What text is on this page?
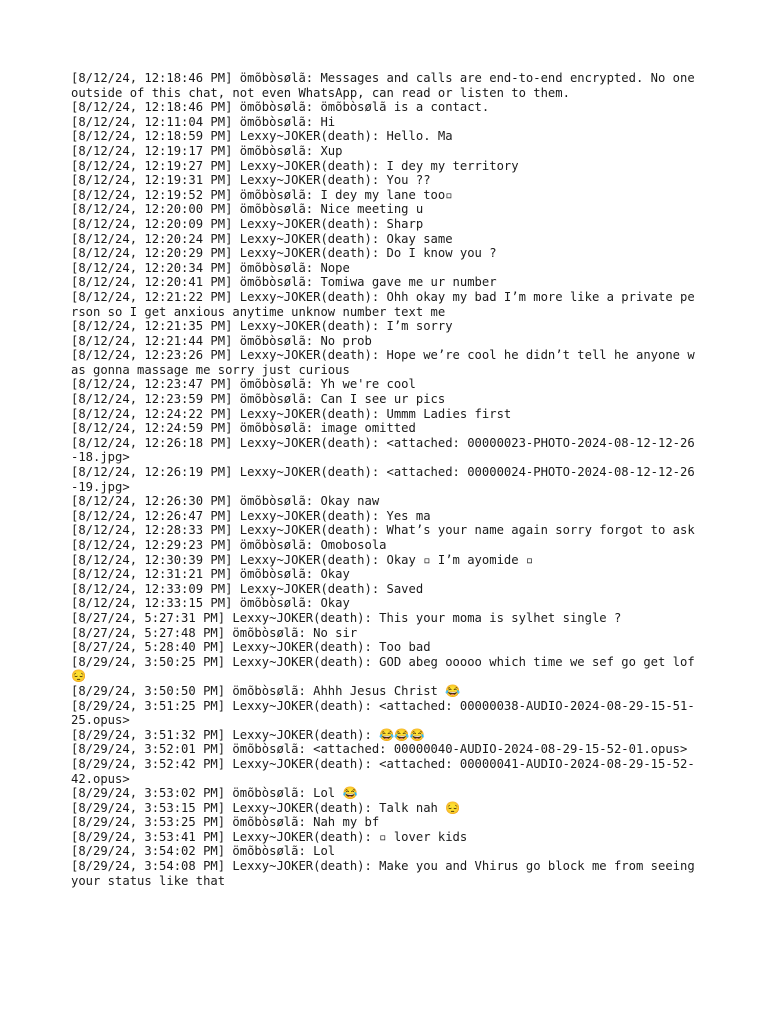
[8/12/24, 12:18:46 PM] ömõbòsølã: Messages and calls are end-to-end encrypted. No one outside of this chat, not even WhatsApp, can read or listen to them.

[8/12/24, 12:18:46 PM] ömõbòsølã: ömõbòsølã is a contact.

[8/12/24, 12:11:04 PM] ömõbòsølã: Hi

[8/12/24, 12:18:59 PM] Lexxy~JOKER(death): Hello. Ma

[8/12/24, 12:19:17 PM] ömõbòsølã: Xup

[8/12/24, 12:19:27 PM] Lexxy~JOKER(death): I dey my territory

[8/12/24, 12:19:31 PM] Lexxy~JOKER(death): You ??

[8/12/24, 12:19:52 PM] ömõbòsølã: I dey my lane too▫

[8/12/24, 12:20:00 PM] ömõbòsølã: Nice meeting u

[8/12/24, 12:20:09 PM] Lexxy~JOKER(death): Sharp

[8/12/24, 12:20:24 PM] Lexxy~JOKER(death): Okay same

[8/12/24, 12:20:29 PM] Lexxy~JOKER(death): Do I know you ?

[8/12/24, 12:20:34 PM] ömõbòsølã: Nope

[8/12/24, 12:20:41 PM] ömõbòsølã: Tomiwa gave me ur number

[8/12/24, 12:21:22 PM] Lexxy~JOKER(death): Ohh okay my bad I’m more like a private person so I get anxious anytime unknow number text me

[8/12/24, 12:21:35 PM] Lexxy~JOKER(death): I’m sorry

[8/12/24, 12:21:44 PM] ömõbòsølã: No prob

[8/12/24, 12:23:26 PM] Lexxy~JOKER(death): Hope we’re cool he didn’t tell he anyone was gonna massage me sorry just curious

[8/12/24, 12:23:47 PM] ömõbòsølã: Yh we're cool

[8/12/24, 12:23:59 PM] ömõbòsølã: Can I see ur pics

[8/12/24, 12:24:22 PM] Lexxy~JOKER(death): Ummm Ladies first

[8/12/24, 12:24:59 PM] ömõbòsølã: image omitted

[8/12/24, 12:26:18 PM] Lexxy~JOKER(death): <attached: 00000023-PHOTO-2024-08-12-12-26-18.jpg>

[8/12/24, 12:26:19 PM] Lexxy~JOKER(death): <attached: 00000024-PHOTO-2024-08-12-12-26-19.jpg>

[8/12/24, 12:26:30 PM] ömõbòsølã: Okay naw

[8/12/24, 12:26:47 PM] Lexxy~JOKER(death): Yes ma

[8/12/24, 12:28:33 PM] Lexxy~JOKER(death): What’s your name again sorry forgot to ask

[8/12/24, 12:29:23 PM] ömõbòsølã: Omobosola

[8/12/24, 12:30:39 PM] Lexxy~JOKER(death): Okay ▫ I’m ayomide ▫

[8/12/24, 12:31:21 PM] ömõbòsølã: Okay

[8/12/24, 12:33:09 PM] Lexxy~JOKER(death): Saved

[8/12/24, 12:33:15 PM] ömõbòsølã: Okay

[8/27/24, 5:27:31 PM] Lexxy~JOKER(death): This your moma is sylhet single ?

[8/27/24, 5:27:48 PM] ömõbòsølã: No sir

[8/27/24, 5:28:40 PM] Lexxy~JOKER(death): Too bad

[8/29/24, 3:50:25 PM] Lexxy~JOKER(death): GOD abeg ooooo which time we sef go get lof 😔

[8/29/24, 3:50:50 PM] ömõbòsølã: Ahhh Jesus Christ 😂

[8/29/24, 3:51:25 PM] Lexxy~JOKER(death): <attached: 00000038-AUDIO-2024-08-29-15-51-25.opus>

[8/29/24, 3:51:32 PM] Lexxy~JOKER(death): 😂😂😂

[8/29/24, 3:52:01 PM] ömõbòsølã: <attached: 00000040-AUDIO-2024-08-29-15-52-01.opus>

[8/29/24, 3:52:42 PM] Lexxy~JOKER(death): <attached: 00000041-AUDIO-2024-08-29-15-52-42.opus>

[8/29/24, 3:53:02 PM] ömõbòsølã: Lol 😂

[8/29/24, 3:53:15 PM] Lexxy~JOKER(death): Talk nah 😔

[8/29/24, 3:53:25 PM] ömõbòsølã: Nah my bf

[8/29/24, 3:53:41 PM] Lexxy~JOKER(death): ▫ lover kids

[8/29/24, 3:54:02 PM] ömõbòsølã: Lol

[8/29/24, 3:54:08 PM] Lexxy~JOKER(death): Make you and Vhirus go block me from seeing your status like that
